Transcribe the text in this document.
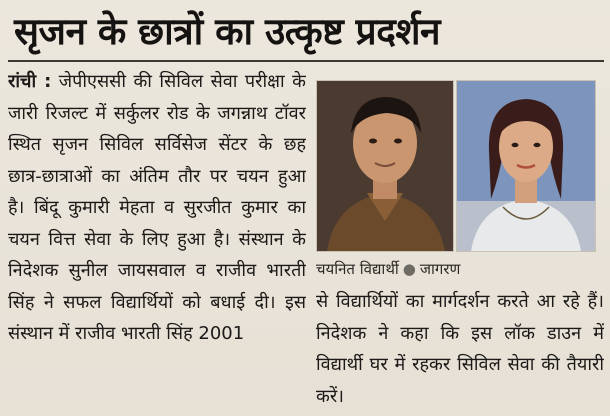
सृजन के छात्रों का उत्कृष्ट प्रदर्शन

रांची : जेपीएससी की सिविल सेवा परीक्षा के जारी रिजल्ट में सर्कुलर रोड के जगन्नाथ टॉवर स्थित सृजन सिविल सर्विसेज सेंटर के छह छात्र-छात्राओं का अंतिम तौर पर चयन हुआ है। बिंदू कुमारी मेहता व सुरजीत कुमार का चयन वित्त सेवा के लिए हुआ है। संस्थान के निदेशक सुनील जायसवाल व राजीव भारती सिंह ने सफल विद्यार्थियों को बधाई दी। इस संस्थान में राजीव भारती सिंह 2001

चयनित विद्यार्थी ● जागरण

से विद्यार्थियों का मार्गदर्शन करते आ रहे हैं। निदेशक ने कहा कि इस लॉक डाउन में विद्यार्थी घर में रहकर सिविल सेवा की तैयारी करें।
